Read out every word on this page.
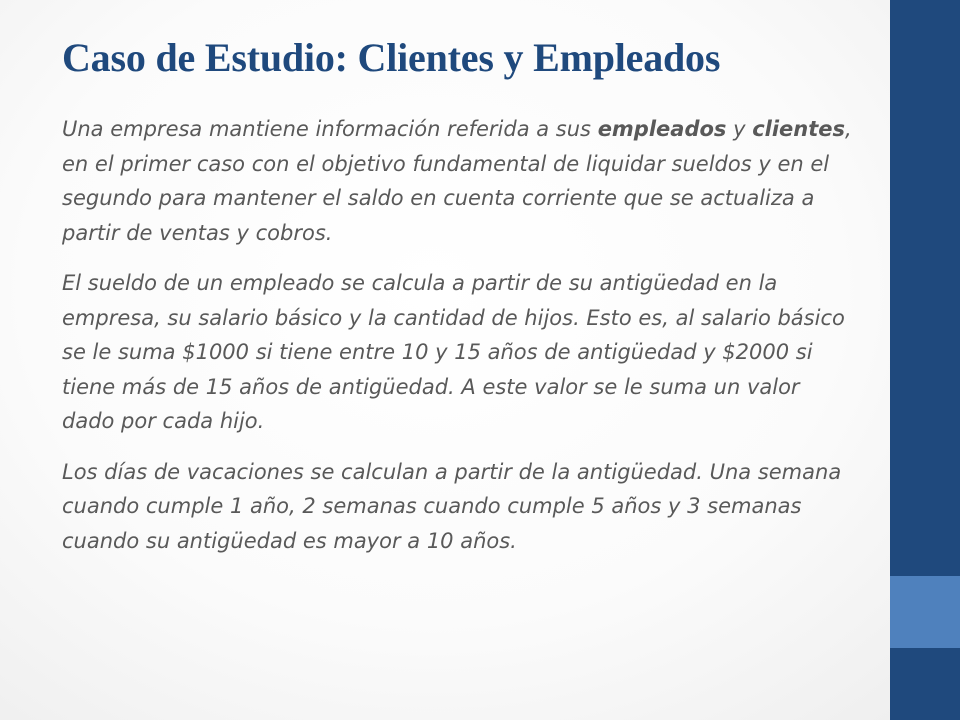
Caso de Estudio: Clientes y Empleados

Una empresa mantiene información referida a sus empleados y clientes, en el primer caso con el objetivo fundamental de liquidar sueldos y en el segundo para mantener el saldo en cuenta corriente que se actualiza a partir de ventas y cobros.

El sueldo de un empleado se calcula a partir de su antigüedad en la empresa, su salario básico y la cantidad de hijos. Esto es, al salario básico se le suma $1000 si tiene entre 10 y 15 años de antigüedad y $2000 si tiene más de 15 años de antigüedad. A este valor se le suma un valor dado por cada hijo.

Los días de vacaciones se calculan a partir de la antigüedad. Una semana cuando cumple 1 año, 2 semanas cuando cumple 5 años y 3 semanas cuando su antigüedad es mayor a 10 años.
